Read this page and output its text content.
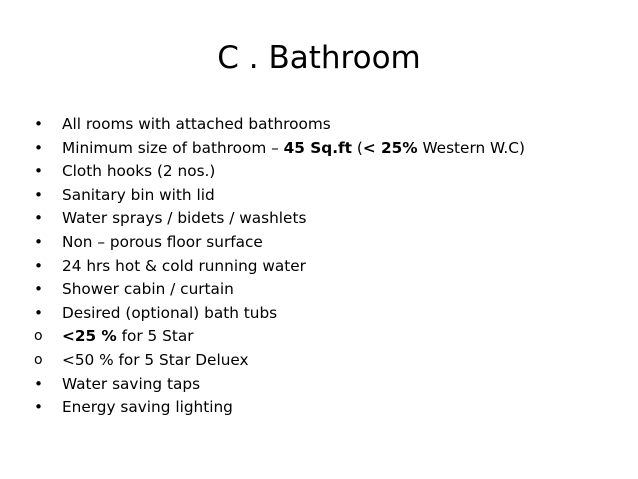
C . Bathroom
•	All rooms with attached bathrooms
•	Minimum size of bathroom – 45 Sq.ft (< 25% Western W.C)
•	Cloth hooks (2 nos.)
•	Sanitary bin with lid
•	Water sprays / bidets / washlets
•	Non – porous floor surface
•	24 hrs hot & cold running water
•	Shower cabin / curtain
•	Desired (optional) bath tubs
o	<25 % for 5 Star
o	<50 % for 5 Star Deluex
•	Water saving taps
•	Energy saving lighting
